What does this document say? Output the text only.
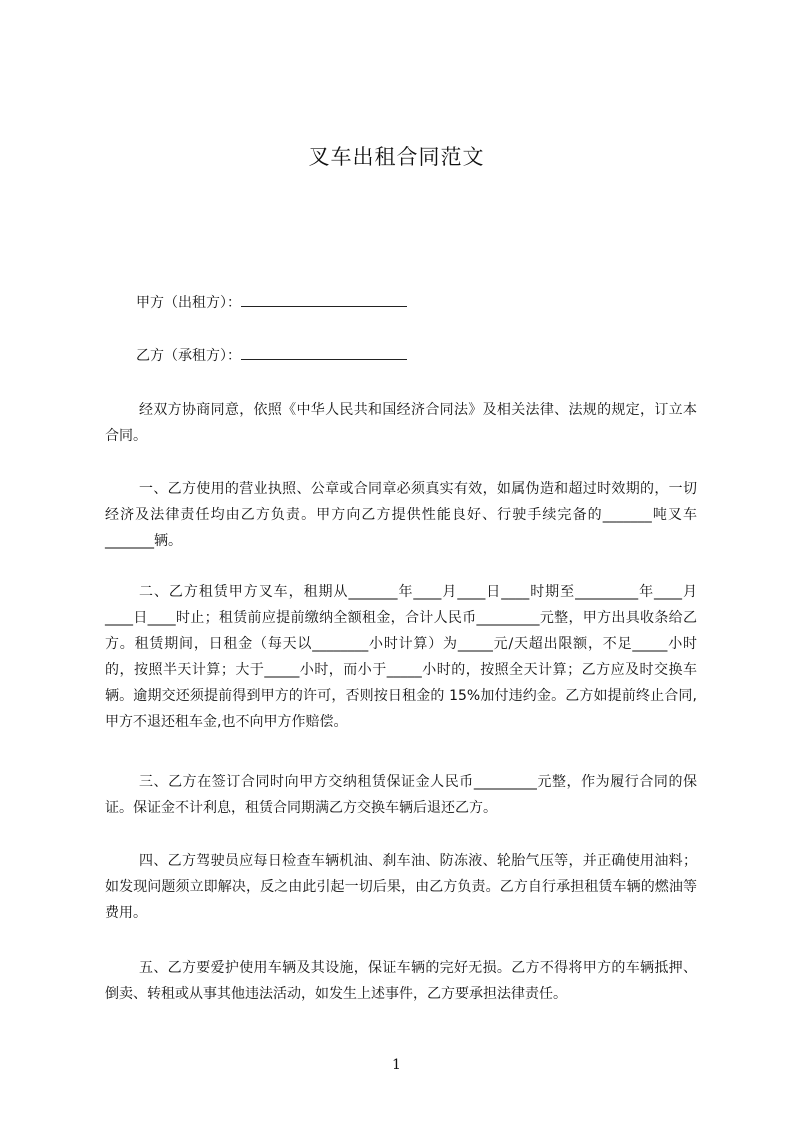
叉车出租合同范文
甲方（出租方）：
乙方（承租方）：

经双方协商同意，依照《中华人民共和国经济合同法》及相关法律、法规的规定，订立本合同。

一、乙方使用的营业执照、公章或合同章必须真实有效，如属伪造和超过时效期的，一切经济及法律责任均由乙方负责。甲方向乙方提供性能良好、行驶手续完备的_______吨叉车_______辆。

二、乙方租赁甲方叉车，租期从_______年____月____日____时期至_________年____月____日____时止；租赁前应提前缴纳全额租金，合计人民币_________元整，甲方出具收条给乙方。租赁期间，日租金（每天以________小时计算）为_____元/天超出限额，不足_____小时的，按照半天计算；大于_____小时，而小于_____小时的，按照全天计算；乙方应及时交换车辆。逾期交还须提前得到甲方的许可，否则按日租金的 15%加付违约金。乙方如提前终止合同,甲方不退还租车金,也不向甲方作赔偿。

三、乙方在签订合同时向甲方交纳租赁保证金人民币_________元整，作为履行合同的保证。保证金不计利息，租赁合同期满乙方交换车辆后退还乙方。

四、乙方驾驶员应每日检查车辆机油、刹车油、防冻液、轮胎气压等，并正确使用油料；如发现问题须立即解决，反之由此引起一切后果，由乙方负责。乙方自行承担租赁车辆的燃油等费用。

五、乙方要爱护使用车辆及其设施，保证车辆的完好无损。乙方不得将甲方的车辆抵押、倒卖、转租或从事其他违法活动，如发生上述事件，乙方要承担法律责任。

1
